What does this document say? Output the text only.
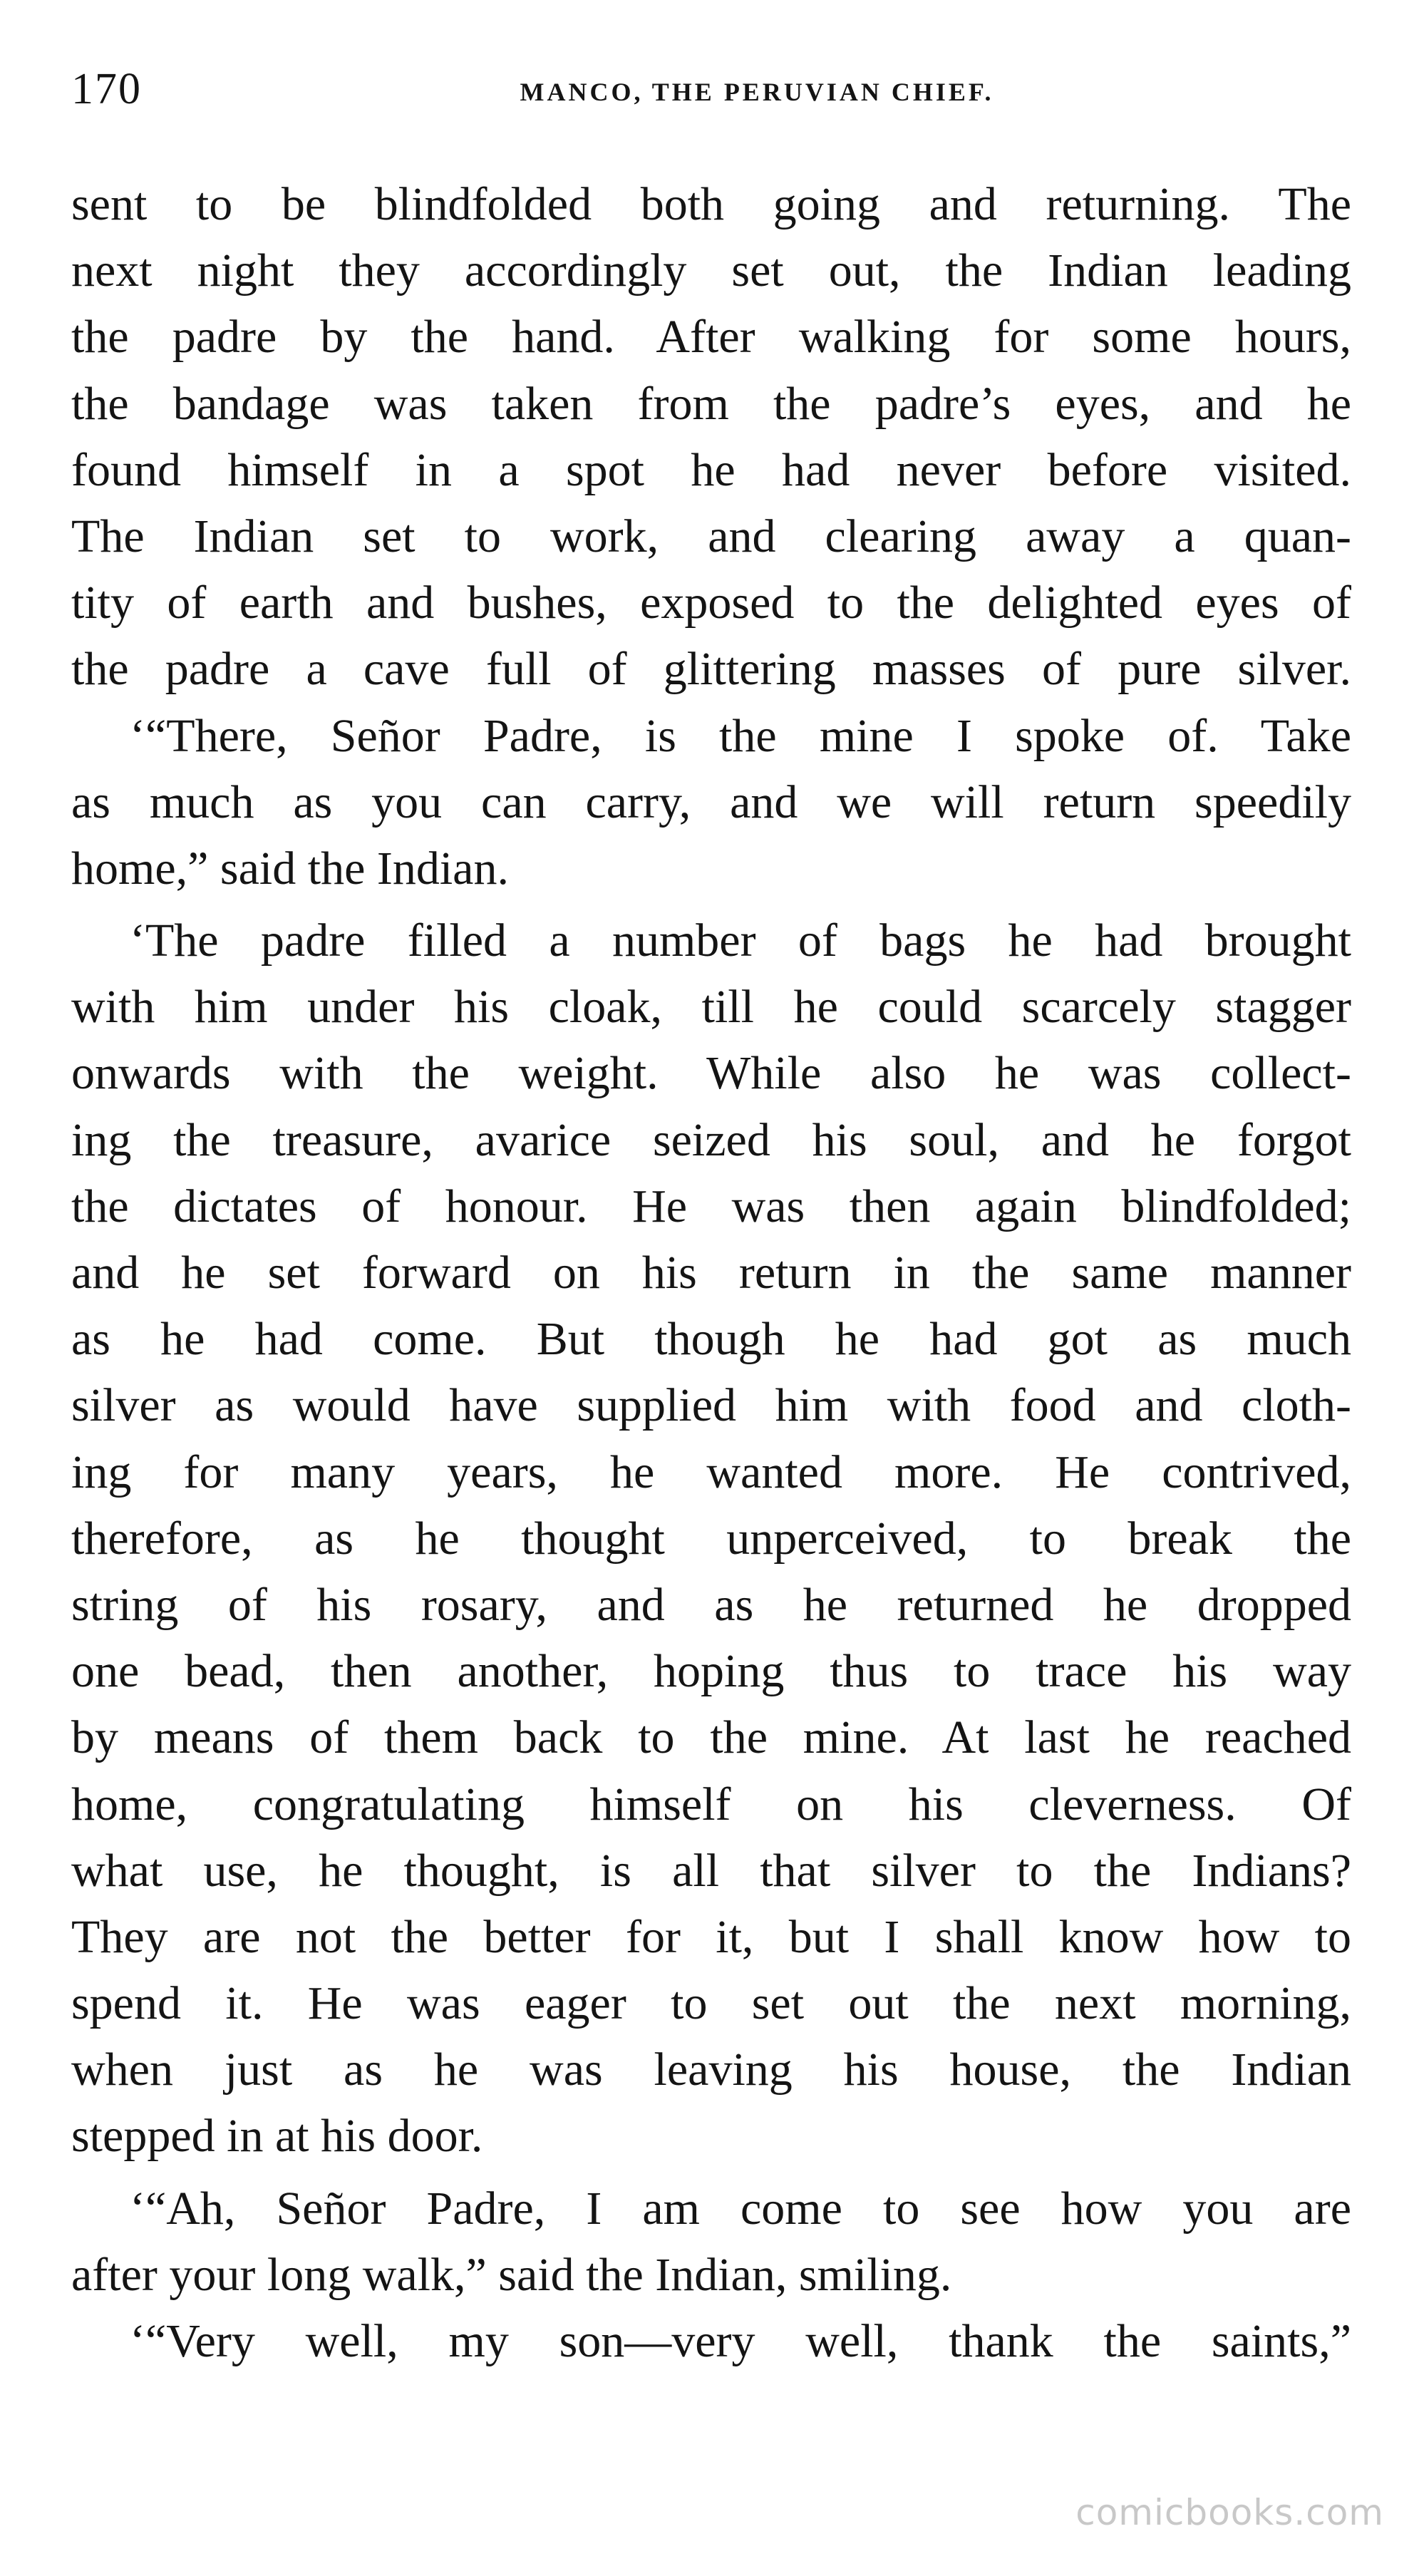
170	MANCO, THE PERUVIAN CHIEF.
sent to be blindfolded both going and returning. The
next night they accordingly set out, the Indian leading
the padre by the hand. After walking for some hours,
the bandage was taken from the padre’s eyes, and he
found himself in a spot he had never before visited.
The Indian set to work, and clearing away a quan-
tity of earth and bushes, exposed to the delighted eyes of
the padre a cave full of glittering masses of pure silver.
‘“There, Señor Padre, is the mine I spoke of. Take
as much as you can carry, and we will return speedily
home,” said the Indian.
‘The padre filled a number of bags he had brought
with him under his cloak, till he could scarcely stagger
onwards with the weight. While also he was collect-
ing the treasure, avarice seized his soul, and he forgot
the dictates of honour. He was then again blindfolded;
and he set forward on his return in the same manner
as he had come. But though he had got as much
silver as would have supplied him with food and cloth-
ing for many years, he wanted more. He contrived,
therefore, as he thought unperceived, to break the
string of his rosary, and as he returned he dropped
one bead, then another, hoping thus to trace his way
by means of them back to the mine. At last he reached
home, congratulating himself on his cleverness. Of
what use, he thought, is all that silver to the Indians?
They are not the better for it, but I shall know how to
spend it. He was eager to set out the next morning,
when just as he was leaving his house, the Indian
stepped in at his door.
‘“Ah, Señor Padre, I am come to see how you are
after your long walk,” said the Indian, smiling.
‘“Very well, my son—very well, thank the saints,”
comicbooks.com
